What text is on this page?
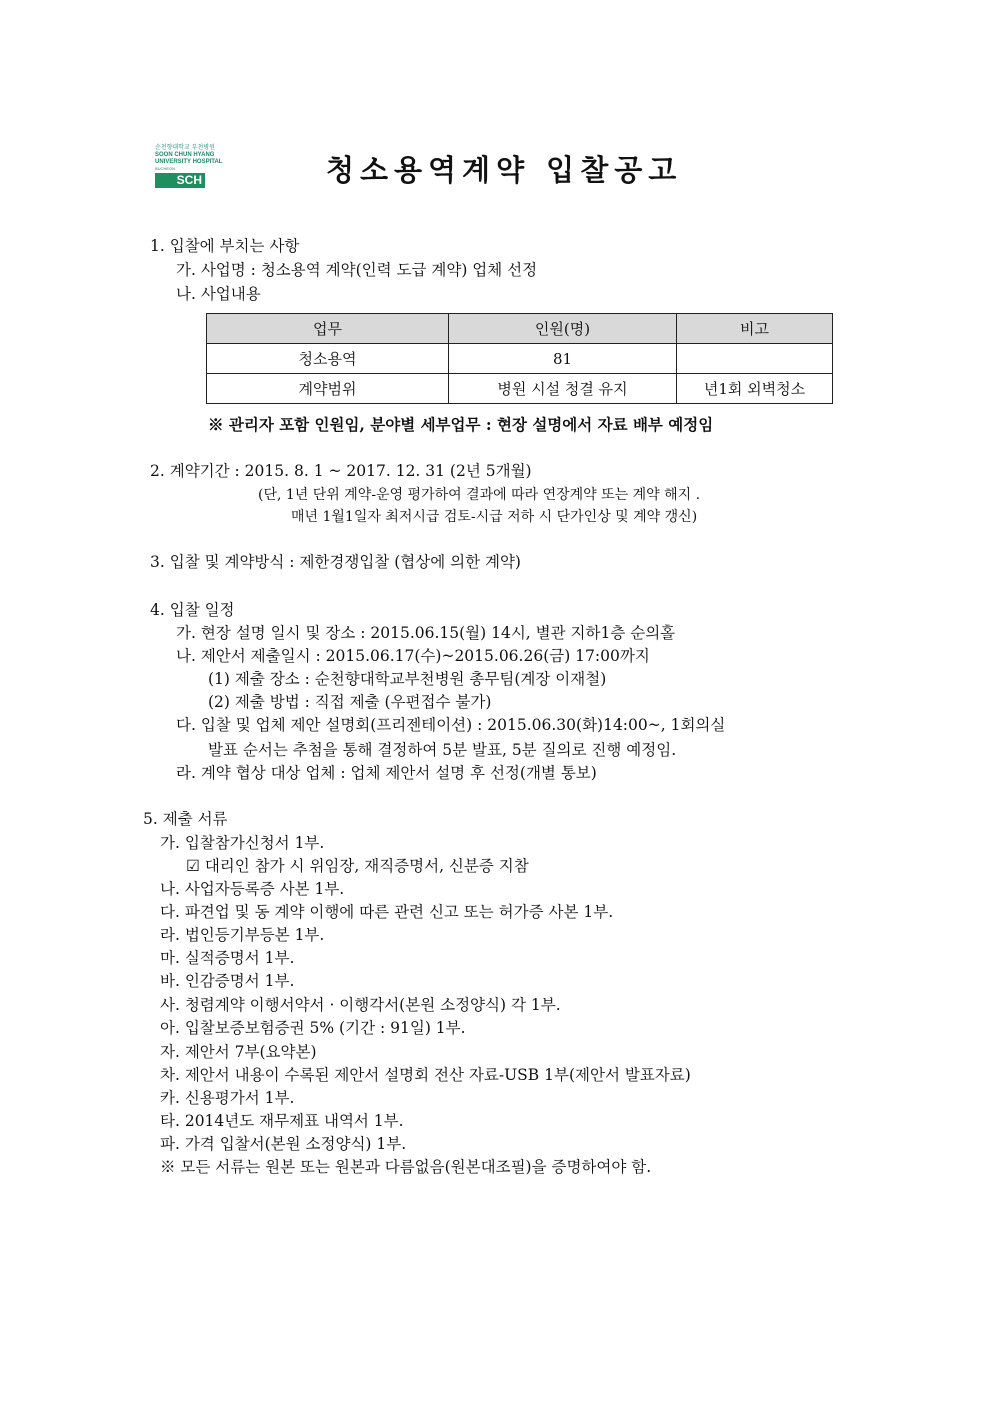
순천향대학교 부천병원
SOON CHUN HYANG
UNIVERSITY HOSPITAL
BUCHEON
SCH	청소용역계약 입찰공고
1. 입찰에 부치는 사항
가. 사업명 : 청소용역 계약(인력 도급 계약) 업체 선정
나. 사업내용
업무	인원(명)	비고
청소용역	81	
계약범위	병원 시설 청결 유지	년1회 외벽청소
※ 관리자 포함 인원임, 분야별 세부업무 : 현장 설명에서 자료 배부 예정임
2. 계약기간 : 2015. 8. 1 ~ 2017. 12. 31 (2년 5개월)
(단, 1년 단위 계약-운영 평가하여 결과에 따라 연장계약 또는 계약 해지 .
매년 1월1일자 최저시급 검토-시급 저하 시 단가인상 및 계약 갱신)
3. 입찰 및 계약방식 : 제한경쟁입찰 (협상에 의한 계약)
4. 입찰 일정
가. 현장 설명 일시 및 장소 : 2015.06.15(월) 14시, 별관 지하1층 순의홀
나. 제안서 제출일시 : 2015.06.17(수)~2015.06.26(금) 17:00까지
(1) 제출 장소 : 순천향대학교부천병원 총무팀(계장 이재철)
(2) 제출 방법 : 직접 제출 (우편접수 불가)
다. 입찰 및 업체 제안 설명회(프리젠테이션) : 2015.06.30(화)14:00~, 1회의실
발표 순서는 추첨을 통해 결정하여 5분 발표, 5분 질의로 진행 예정임.
라. 계약 협상 대상 업체 : 업체 제안서 설명 후 선정(개별 통보)
5. 제출 서류
가. 입찰참가신청서 1부.
☑ 대리인 참가 시 위임장, 재직증명서, 신분증 지참
나. 사업자등록증 사본 1부.
다. 파견업 및 동 계약 이행에 따른 관련 신고 또는 허가증 사본 1부.
라. 법인등기부등본 1부.
마. 실적증명서 1부.
바. 인감증명서 1부.
사. 청렴계약 이행서약서 · 이행각서(본원 소정양식) 각 1부.
아. 입찰보증보험증권 5% (기간 : 91일) 1부.
자. 제안서 7부(요약본)
차. 제안서 내용이 수록된 제안서 설명회 전산 자료-USB 1부(제안서 발표자료)
카. 신용평가서 1부.
타. 2014년도 재무제표 내역서 1부.
파. 가격 입찰서(본원 소정양식) 1부.
※ 모든 서류는 원본 또는 원본과 다름없음(원본대조필)을 증명하여야 함.
